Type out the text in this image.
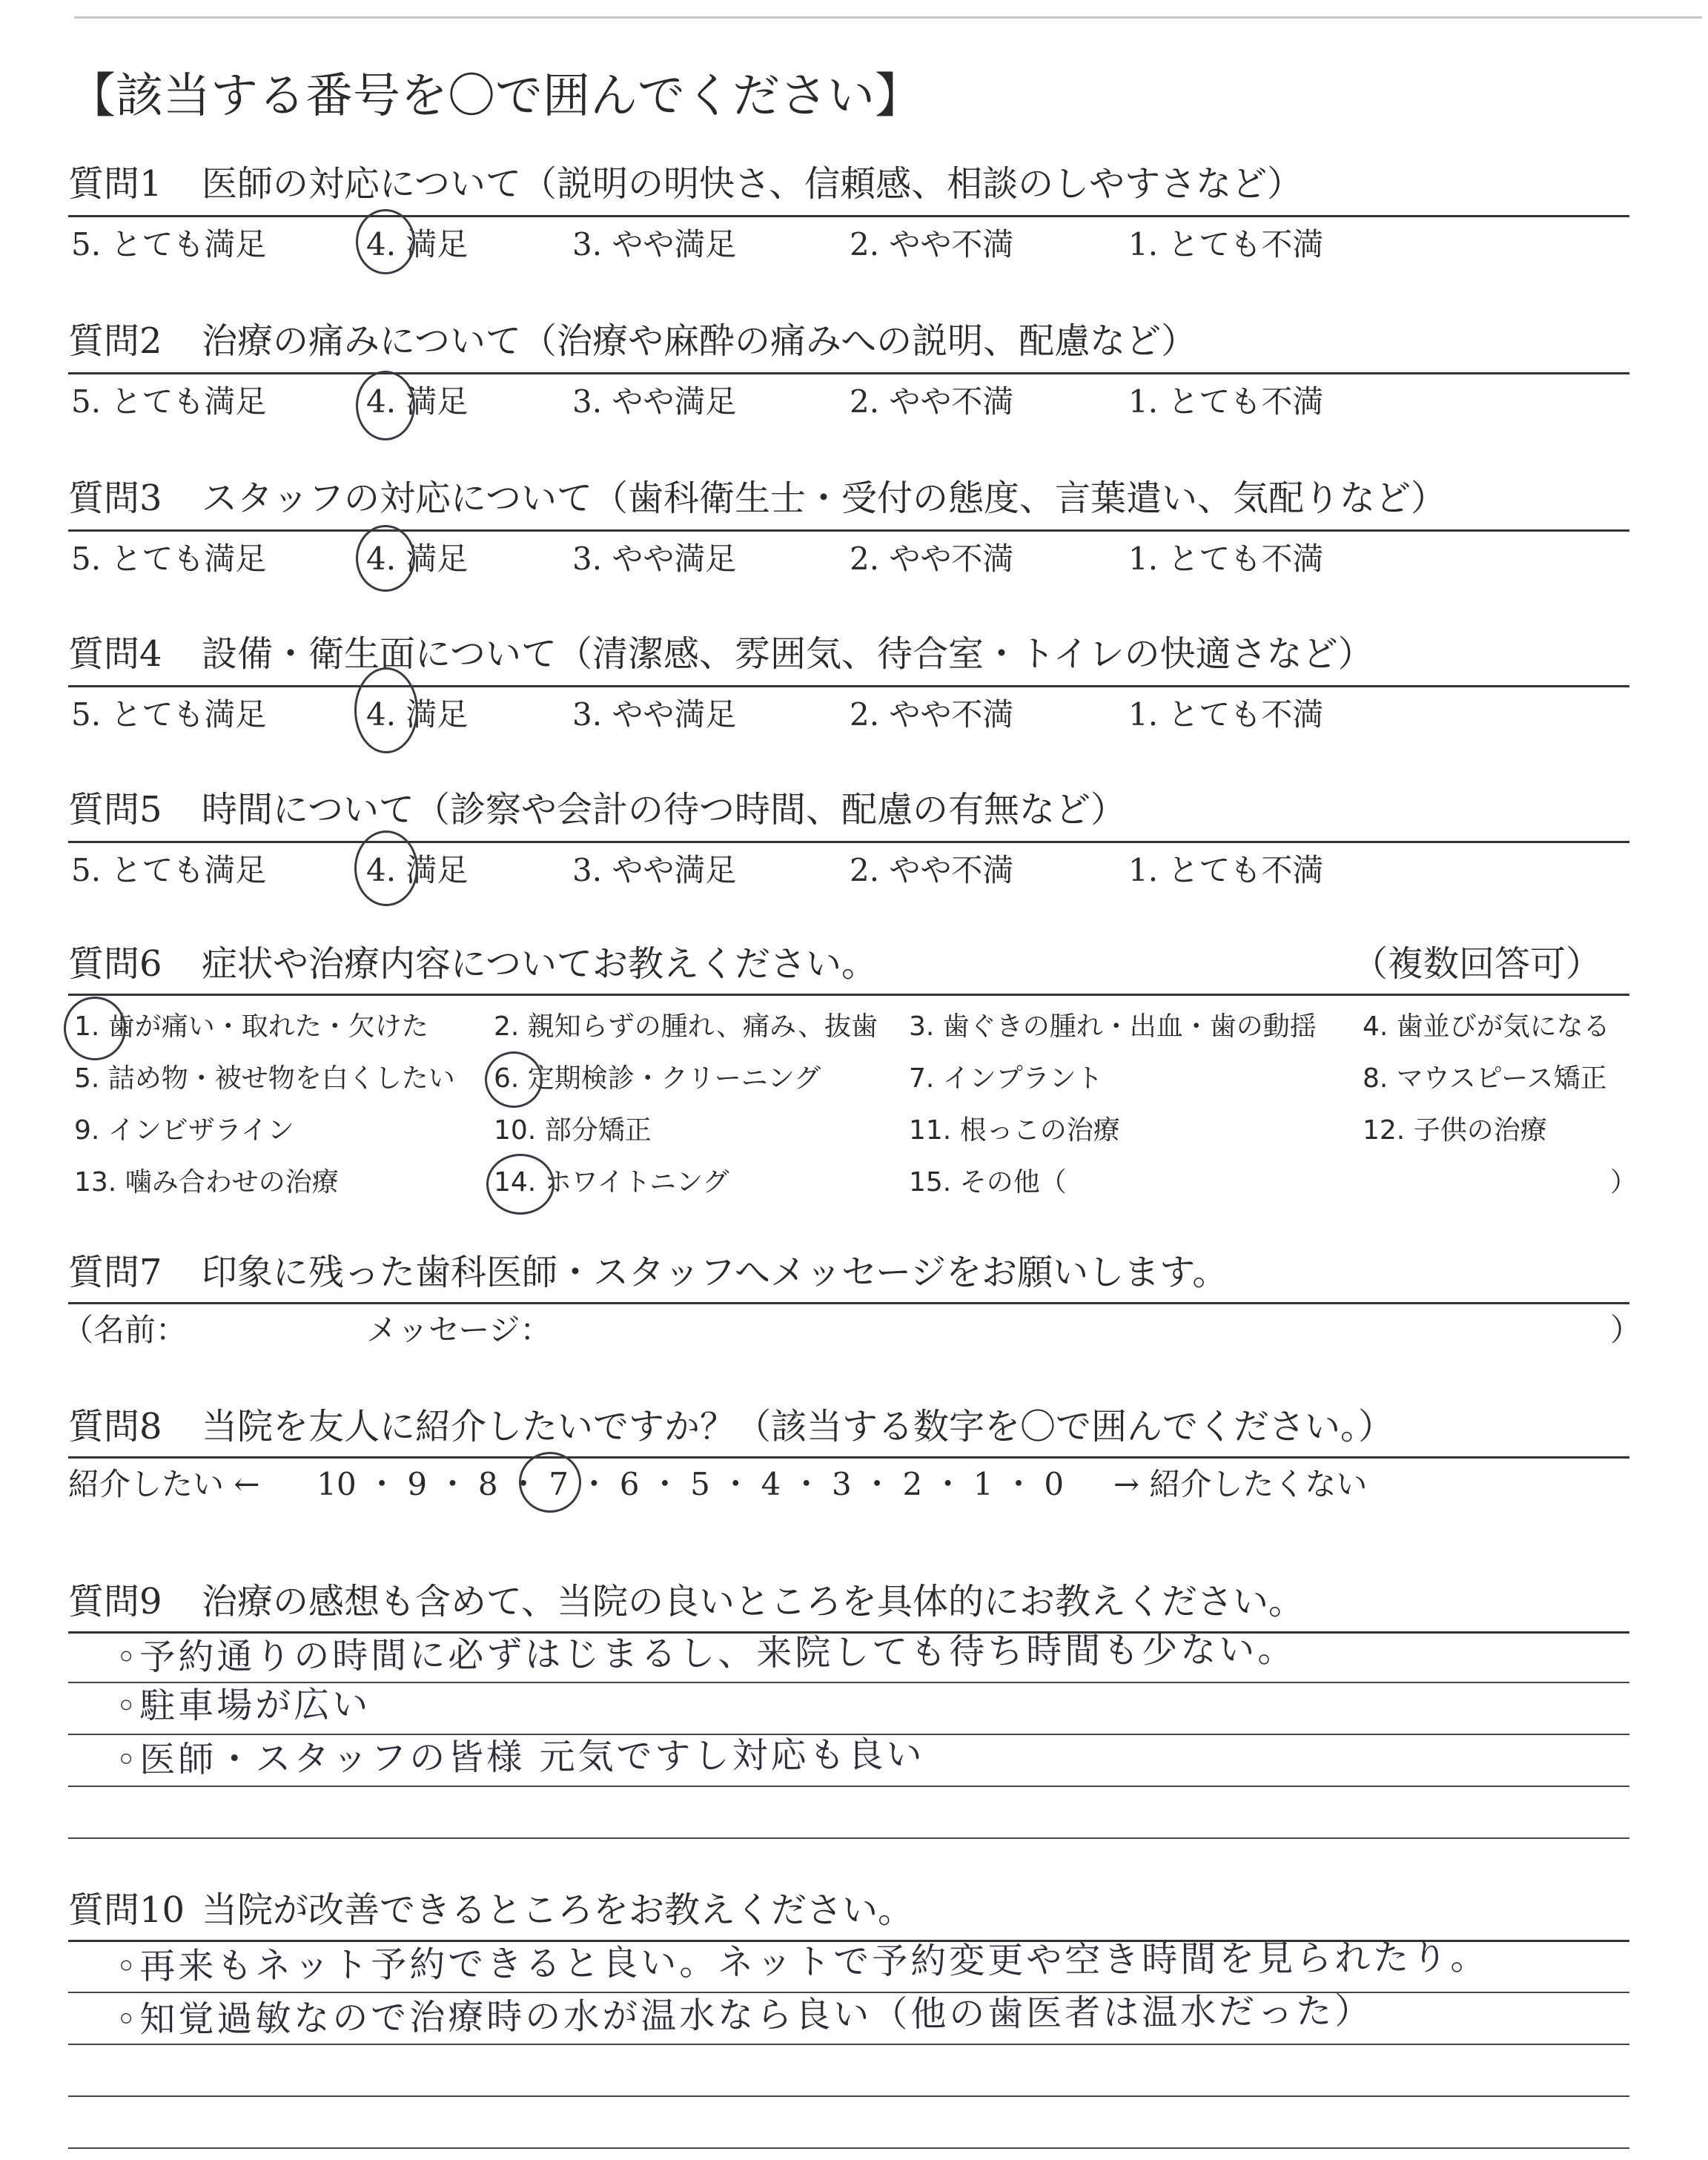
【該当する番号を〇で囲んでください】
質問1 医師の対応について（説明の明快さ、信頼感、相談のしやすさなど）
5. とても満足	4. 満足	3. やや満足	2. やや不満	1. とても不満
質問2 治療の痛みについて（治療や麻酔の痛みへの説明、配慮など）
5. とても満足	4. 満足	3. やや満足	2. やや不満	1. とても不満
質問3 スタッフの対応について（歯科衛生士・受付の態度、言葉遣い、気配りなど）
5. とても満足	4. 満足	3. やや満足	2. やや不満	1. とても不満
質問4 設備・衛生面について（清潔感、雰囲気、待合室・トイレの快適さなど）
5. とても満足	4. 満足	3. やや満足	2. やや不満	1. とても不満
質問5 時間について（診察や会計の待つ時間、配慮の有無など）
5. とても満足	4. 満足	3. やや満足	2. やや不満	1. とても不満
質問6 症状や治療内容についてお教えください。	（複数回答可）
1. 歯が痛い・取れた・欠けた 2. 親知らずの腫れ、痛み、抜歯 3. 歯ぐきの腫れ・出血・歯の動揺 4. 歯並びが気になる
5. 詰め物・被せ物を白くしたい 6. 定期検診・クリーニング	7. インプラント	8. マウスピース矯正
9. インビザライン	10. 部分矯正	11. 根っこの治療	12. 子供の治療
13. 噛み合わせの治療	14. ホワイトニング	15. その他（	）
質問7 印象に残った歯科医師・スタッフへメッセージをお願いします。
（名前：	メッセージ：	）
質問8 当院を友人に紹介したいですか？（該当する数字を〇で囲んでください。）
紹介したい ← 10 ・ 9 ・ 8 ・ 7 ・ 6 ・ 5 ・ 4 ・ 3 ・ 2 ・ 1 ・ 0 → 紹介したくない
質問9 治療の感想も含めて、当院の良いところを具体的にお教えください。
◦予約通りの時間に必ずはじまるし、来院しても待ち時間も少ない。
◦駐車場が広い
◦医師・スタッフの皆様 元気ですし対応も良い
質問10 当院が改善できるところをお教えください。
◦再来もネット予約できると良い。ネットで予約変更や空き時間を見られたり。
◦知覚過敏なので治療時の水が温水なら良い（他の歯医者は温水だった）
